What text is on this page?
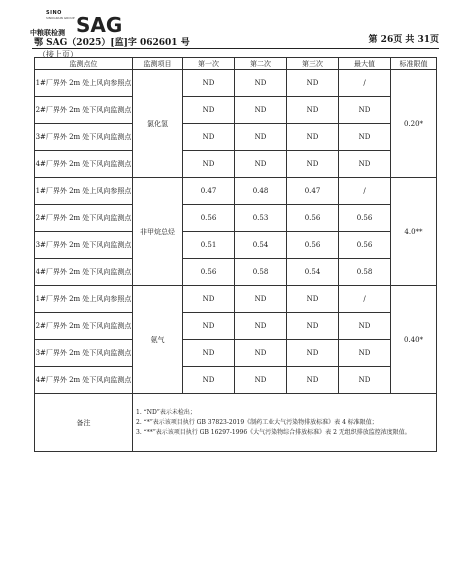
SINO
SINOGRAIN GROUP
中粮联检测 SAG
鄂 SAG（2025）[监]字 062601 号	第 26页 共 31页
（接上页）
监测点位	监测项目	第一次	第二次	第三次	最大值	标准限值
1#厂界外 2m 处上风向参照点	氯化氢	ND	ND	ND	/	0.20*
2#厂界外 2m 处下风向监测点		ND	ND	ND	ND	
3#厂界外 2m 处下风向监测点		ND	ND	ND	ND	
4#厂界外 2m 处下风向监测点		ND	ND	ND	ND	
1#厂界外 2m 处上风向参照点	非甲烷总烃	0.47	0.48	0.47	/	4.0**
2#厂界外 2m 处下风向监测点		0.56	0.53	0.56	0.56	
3#厂界外 2m 处下风向监测点		0.51	0.54	0.56	0.56	
4#厂界外 2m 处下风向监测点		0.56	0.58	0.54	0.58	
1#厂界外 2m 处上风向参照点	氨气	ND	ND	ND	/	0.40*
2#厂界外 2m 处下风向监测点		ND	ND	ND	ND	
3#厂界外 2m 处下风向监测点		ND	ND	ND	ND	
4#厂界外 2m 处下风向监测点		ND	ND	ND	ND	
备注	1. “ND”表示未检出；
2. “*”表示该项目执行 GB 37823-2019《制药工业大气污染物排放标准》表 4 标准限值；
3. “**”表示该项目执行 GB 16297-1996《大气污染物综合排放标准》表 2 无组织排放监控浓度限值。					
